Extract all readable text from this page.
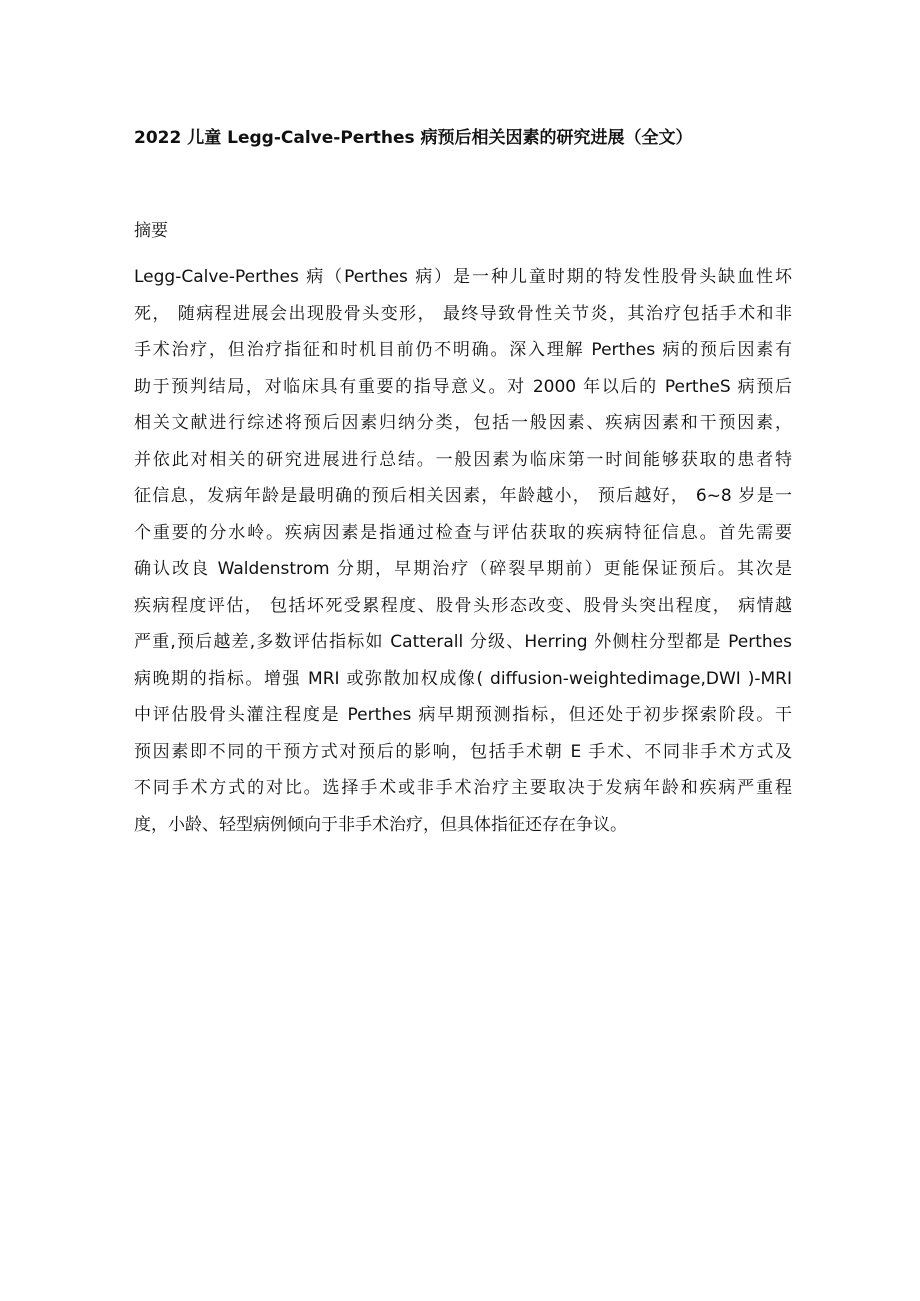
2022 儿童 Legg-Calve-Perthes 病预后相关因素的研究进展（全文）
摘要
Legg-Calve-Perthes 病（Perthes 病）是一种儿童时期的特发性股骨头缺血性坏
死， 随病程进展会出现股骨头变形， 最终导致骨性关节炎，其治疗包括手术和非
手术治疗，但治疗指征和时机目前仍不明确。深入理解 Perthes 病的预后因素有
助于预判结局，对临床具有重要的指导意义。对 2000 年以后的 PertheS 病预后
相关文献进行综述将预后因素归纳分类，包括一般因素、疾病因素和干预因素，
并依此对相关的研究进展进行总结。一般因素为临床第一时间能够获取的患者特
征信息，发病年龄是最明确的预后相关因素，年龄越小， 预后越好， 6~8 岁是一
个重要的分水岭。疾病因素是指通过检查与评估获取的疾病特征信息。首先需要
确认改良 Waldenstrom 分期，早期治疗（碎裂早期前）更能保证预后。其次是
疾病程度评估， 包括坏死受累程度、股骨头形态改变、股骨头突出程度， 病情越
严重,预后越差,多数评估指标如 Catterall 分级、Herring 外侧柱分型都是 Perthes
病晚期的指标。增强 MRI 或弥散加权成像( diffusion-weightedimage,DWI )-MRI
中评估股骨头灌注程度是 Perthes 病早期预测指标，但还处于初步探索阶段。干
预因素即不同的干预方式对预后的影响，包括手术朝 E 手术、不同非手术方式及
不同手术方式的对比。选择手术或非手术治疗主要取决于发病年龄和疾病严重程
度，小龄、轻型病例倾向于非手术治疗，但具体指征还存在争议。
